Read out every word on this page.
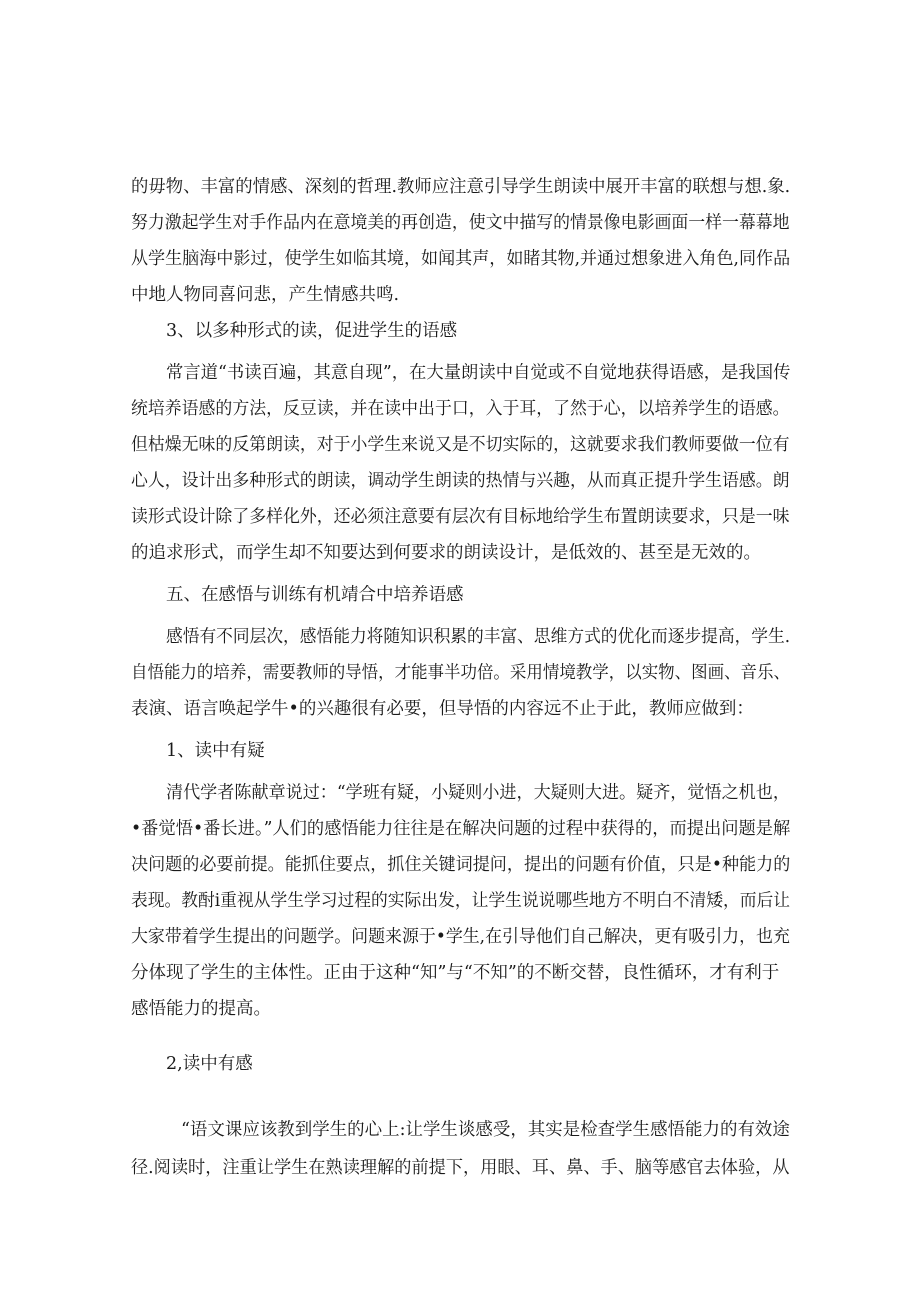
的毋物、丰富的情感、深刻的哲理.教师应注意引导学生朗读中展开丰富的联想与想.象.
努力激起学生对手作品内在意境美的再创造，使文中描写的情景像电影画面一样一幕幕地
从学生脑海中影过，使学生如临其境，如闻其声，如睹其物,并通过想象进入角色,同作品
中地人物同喜问悲，产生情感共鸣.
3、以多种形式的读，促进学生的语感
常言道“书读百遍，其意自现”，在大量朗读中自觉或不自觉地获得语感，是我国传
统培养语感的方法，反豆读，并在读中出于口，入于耳，了然于心，以培养学生的语感。
但枯燥无味的反第朗读，对于小学生来说又是不切实际的，这就要求我们教师要做一位有
心人，设计出多种形式的朗读，调动学生朗读的热情与兴趣，从而真正提升学生语感。朗
读形式设计除了多样化外，还必须注意要有层次有目标地给学生布置朗读要求，只是一味
的追求形式，而学生却不知要达到何要求的朗读设计，是低效的、甚至是无效的。
五、在感悟与训练有机靖合中培养语感
感悟有不同层次，感悟能力将随知识积累的丰富、思维方式的优化而逐步提高，学生.
自悟能力的培养，需要教师的导悟，才能事半功倍。采用情境教学，以实物、图画、音乐、
表演、语言唤起学牛•的兴趣很有必要，但导悟的内容远不止于此，教师应做到：
1、读中有疑
清代学者陈献章说过：“学班有疑，小疑则小进，大疑则大进。疑齐，觉悟之机也，
•番觉悟•番长进。”人们的感悟能力往往是在解决问题的过程中获得的，而提出问题是解
决问题的必要前提。能抓住要点，抓住关键词提问，提出的问题有价值，只是•种能力的
表现。教酎i重视从学生学习过程的实际出发，让学生说说哪些地方不明白不清矮，而后让
大家带着学生提出的问题学。问题来源于•学生,在引导他们自己解决，更有吸引力，也充
分体现了学生的主体性。正由于这种“知”与“不知”的不断交替，良性循环，才有利于
感悟能力的提高。
2,读中有感
“语文课应该教到学生的心上:让学生谈感受，其实是检查学生感悟能力的有效途
径.阅读时，注重让学生在熟读理解的前提下，用眼、耳、鼻、手、脑等感官去体验，从
